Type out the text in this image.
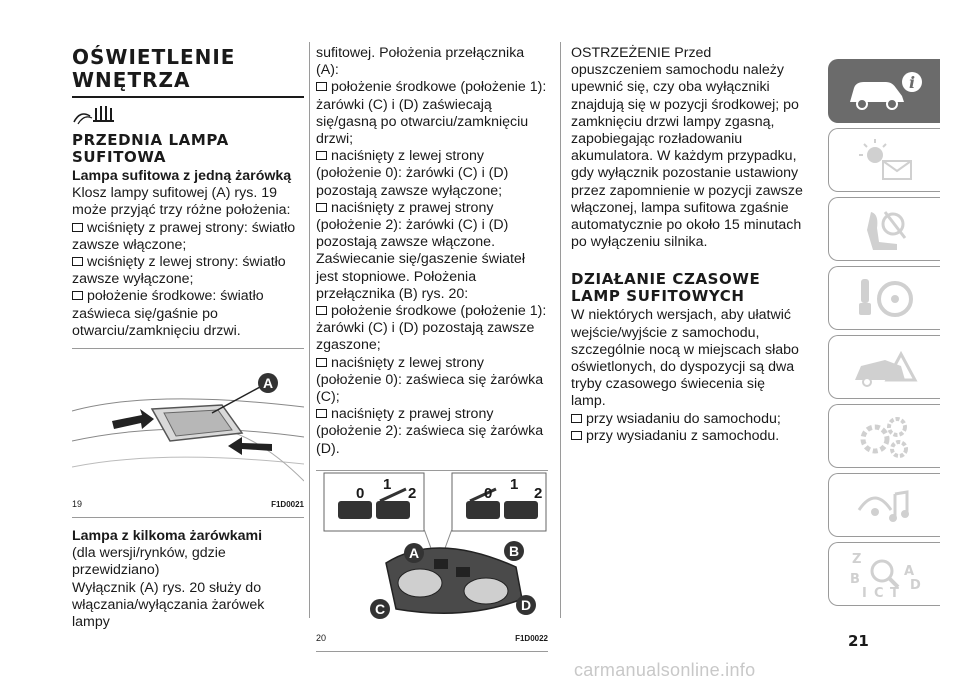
OŚWIETLENIE
WNĘTRZA
PRZEDNIA LAMPA
SUFITOWA
Lampa sufitowa z jedną żarówką

Klosz lampy sufitowej (A) rys. 19 może przyjąć trzy różne położenia:

wciśnięty z prawej strony: światło zawsze włączone;

wciśnięty z lewej strony: światło zawsze wyłączone;

położenie środkowe: światło zaświeca się/gaśnie po otwarciu/zamknięciu drzwi.

A
19	F1D0021
Lampa z kilkoma żarówkami

(dla wersji/rynków, gdzie przewidziano)

Wyłącznik (A) rys. 20 służy do włączania/wyłączania żarówek lampy

sufitowej. Położenia przełącznika (A):

położenie środkowe (położenie 1): żarówki (C) i (D) zaświecają się/gasną po otwarciu/zamknięciu drzwi;

naciśnięty z lewej strony (położenie 0): żarówki (C) i (D) pozostają zawsze wyłączone;

naciśnięty z prawej strony (położenie 2): żarówki (C) i (D) pozostają zawsze włączone.

Zaświecanie się/gaszenie świateł jest stopniowe. Położenia przełącznika (B) rys. 20:

położenie środkowe (położenie 1): żarówki (C) i (D) pozostają zawsze zgaszone;

naciśnięty z lewej strony (położenie 0): zaświeca się żarówka (C);

naciśnięty z prawej strony (położenie 2): zaświeca się żarówka (D).

0
1
2	0
1
2
A	B
C	D
20	F1D0022

OSTRZEŻENIE Przed opuszczeniem samochodu należy upewnić się, czy oba wyłączniki znajdują się w pozycji środkowej; po zamknięciu drzwi lampy zgasną, zapobiegając rozładowaniu akumulatora. W każdym przypadku, gdy wyłącznik pozostanie ustawiony przez zapomnienie w pozycji zawsze włączonej, lampa sufitowa zgaśnie automatycznie po około 15 minutach po wyłączeniu silnika.

DZIAŁANIE CZASOWE
LAMP SUFITOWYCH

W niektórych wersjach, aby ułatwić wejście/wyjście z samochodu, szczególnie nocą w miejscach słabo oświetlonych, do dyspozycji są dwa tryby czasowego świecenia się lamp.

przy wsiadaniu do samochodu;

przy wysiadaniu z samochodu.

i
Z
B
A
I C T
D
21
carmanualsonline.info
